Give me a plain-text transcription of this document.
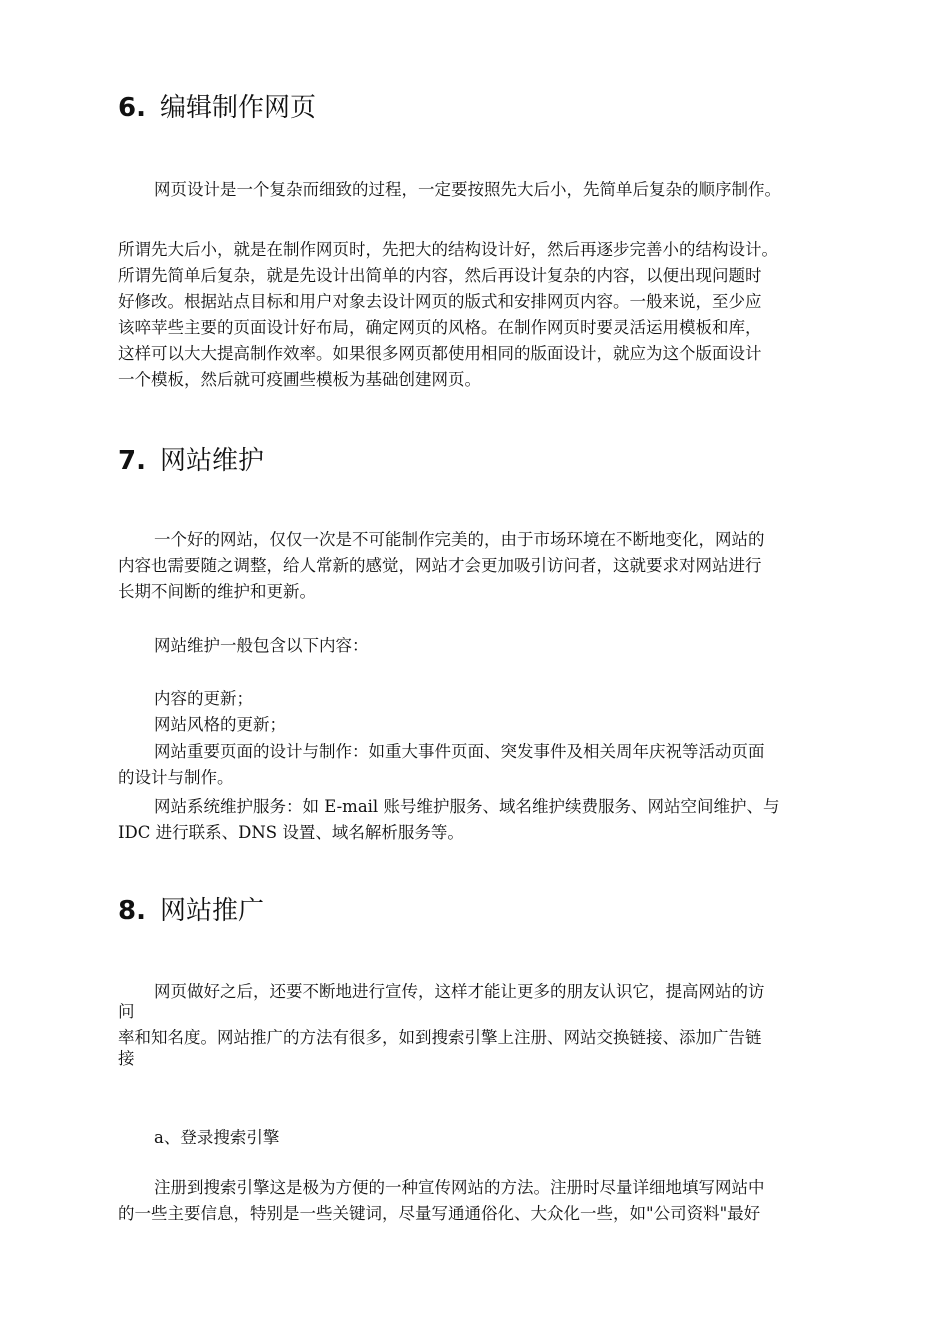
6. 编辑制作网页
网页设计是一个复杂而细致的过程，一定要按照先大后小，先简单后复杂的顺序制作。
所谓先大后小，就是在制作网页时，先把大的结构设计好，然后再逐步完善小的结构设计。
所谓先简单后复杂，就是先设计出简单的内容，然后再设计复杂的内容，以便出现问题时
好修改。根据站点目标和用户对象去设计网页的版式和安排网页内容。一般来说，至少应
该啐苹些主要的页面设计好布局，确定网页的风格。在制作网页时要灵活运用模板和库，
这样可以大大提高制作效率。如果很多网页都使用相同的版面设计，就应为这个版面设计
一个模板，然后就可疫圃些模板为基础创建网页。
7. 网站维护
一个好的网站，仅仅一次是不可能制作完美的，由于市场环境在不断地变化，网站的
内容也需要随之调整，给人常新的感觉，网站才会更加吸引访问者，这就要求对网站进行
长期不间断的维护和更新。
网站维护一般包含以下内容：
内容的更新；
网站风格的更新；
网站重要页面的设计与制作：如重大事件页面、突发事件及相关周年庆祝等活动页面
的设计与制作。
网站系统维护服务：如 E-mail 账号维护服务、域名维护续费服务、网站空间维护、与
IDC 进行联系、DNS 设置、域名解析服务等。
8. 网站推广
网页做好之后，还要不断地进行宣传，这样才能让更多的朋友认识它，提高网站的访
问
率和知名度。网站推广的方法有很多，如到搜索引擎上注册、网站交换链接、添加广告链
接
a、登录搜索引擎
注册到搜索引擎这是极为方便的一种宣传网站的方法。注册时尽量详细地填写网站中
的一些主要信息，特别是一些关键词，尽量写通通俗化、大众化一些，如"公司资料"最好
